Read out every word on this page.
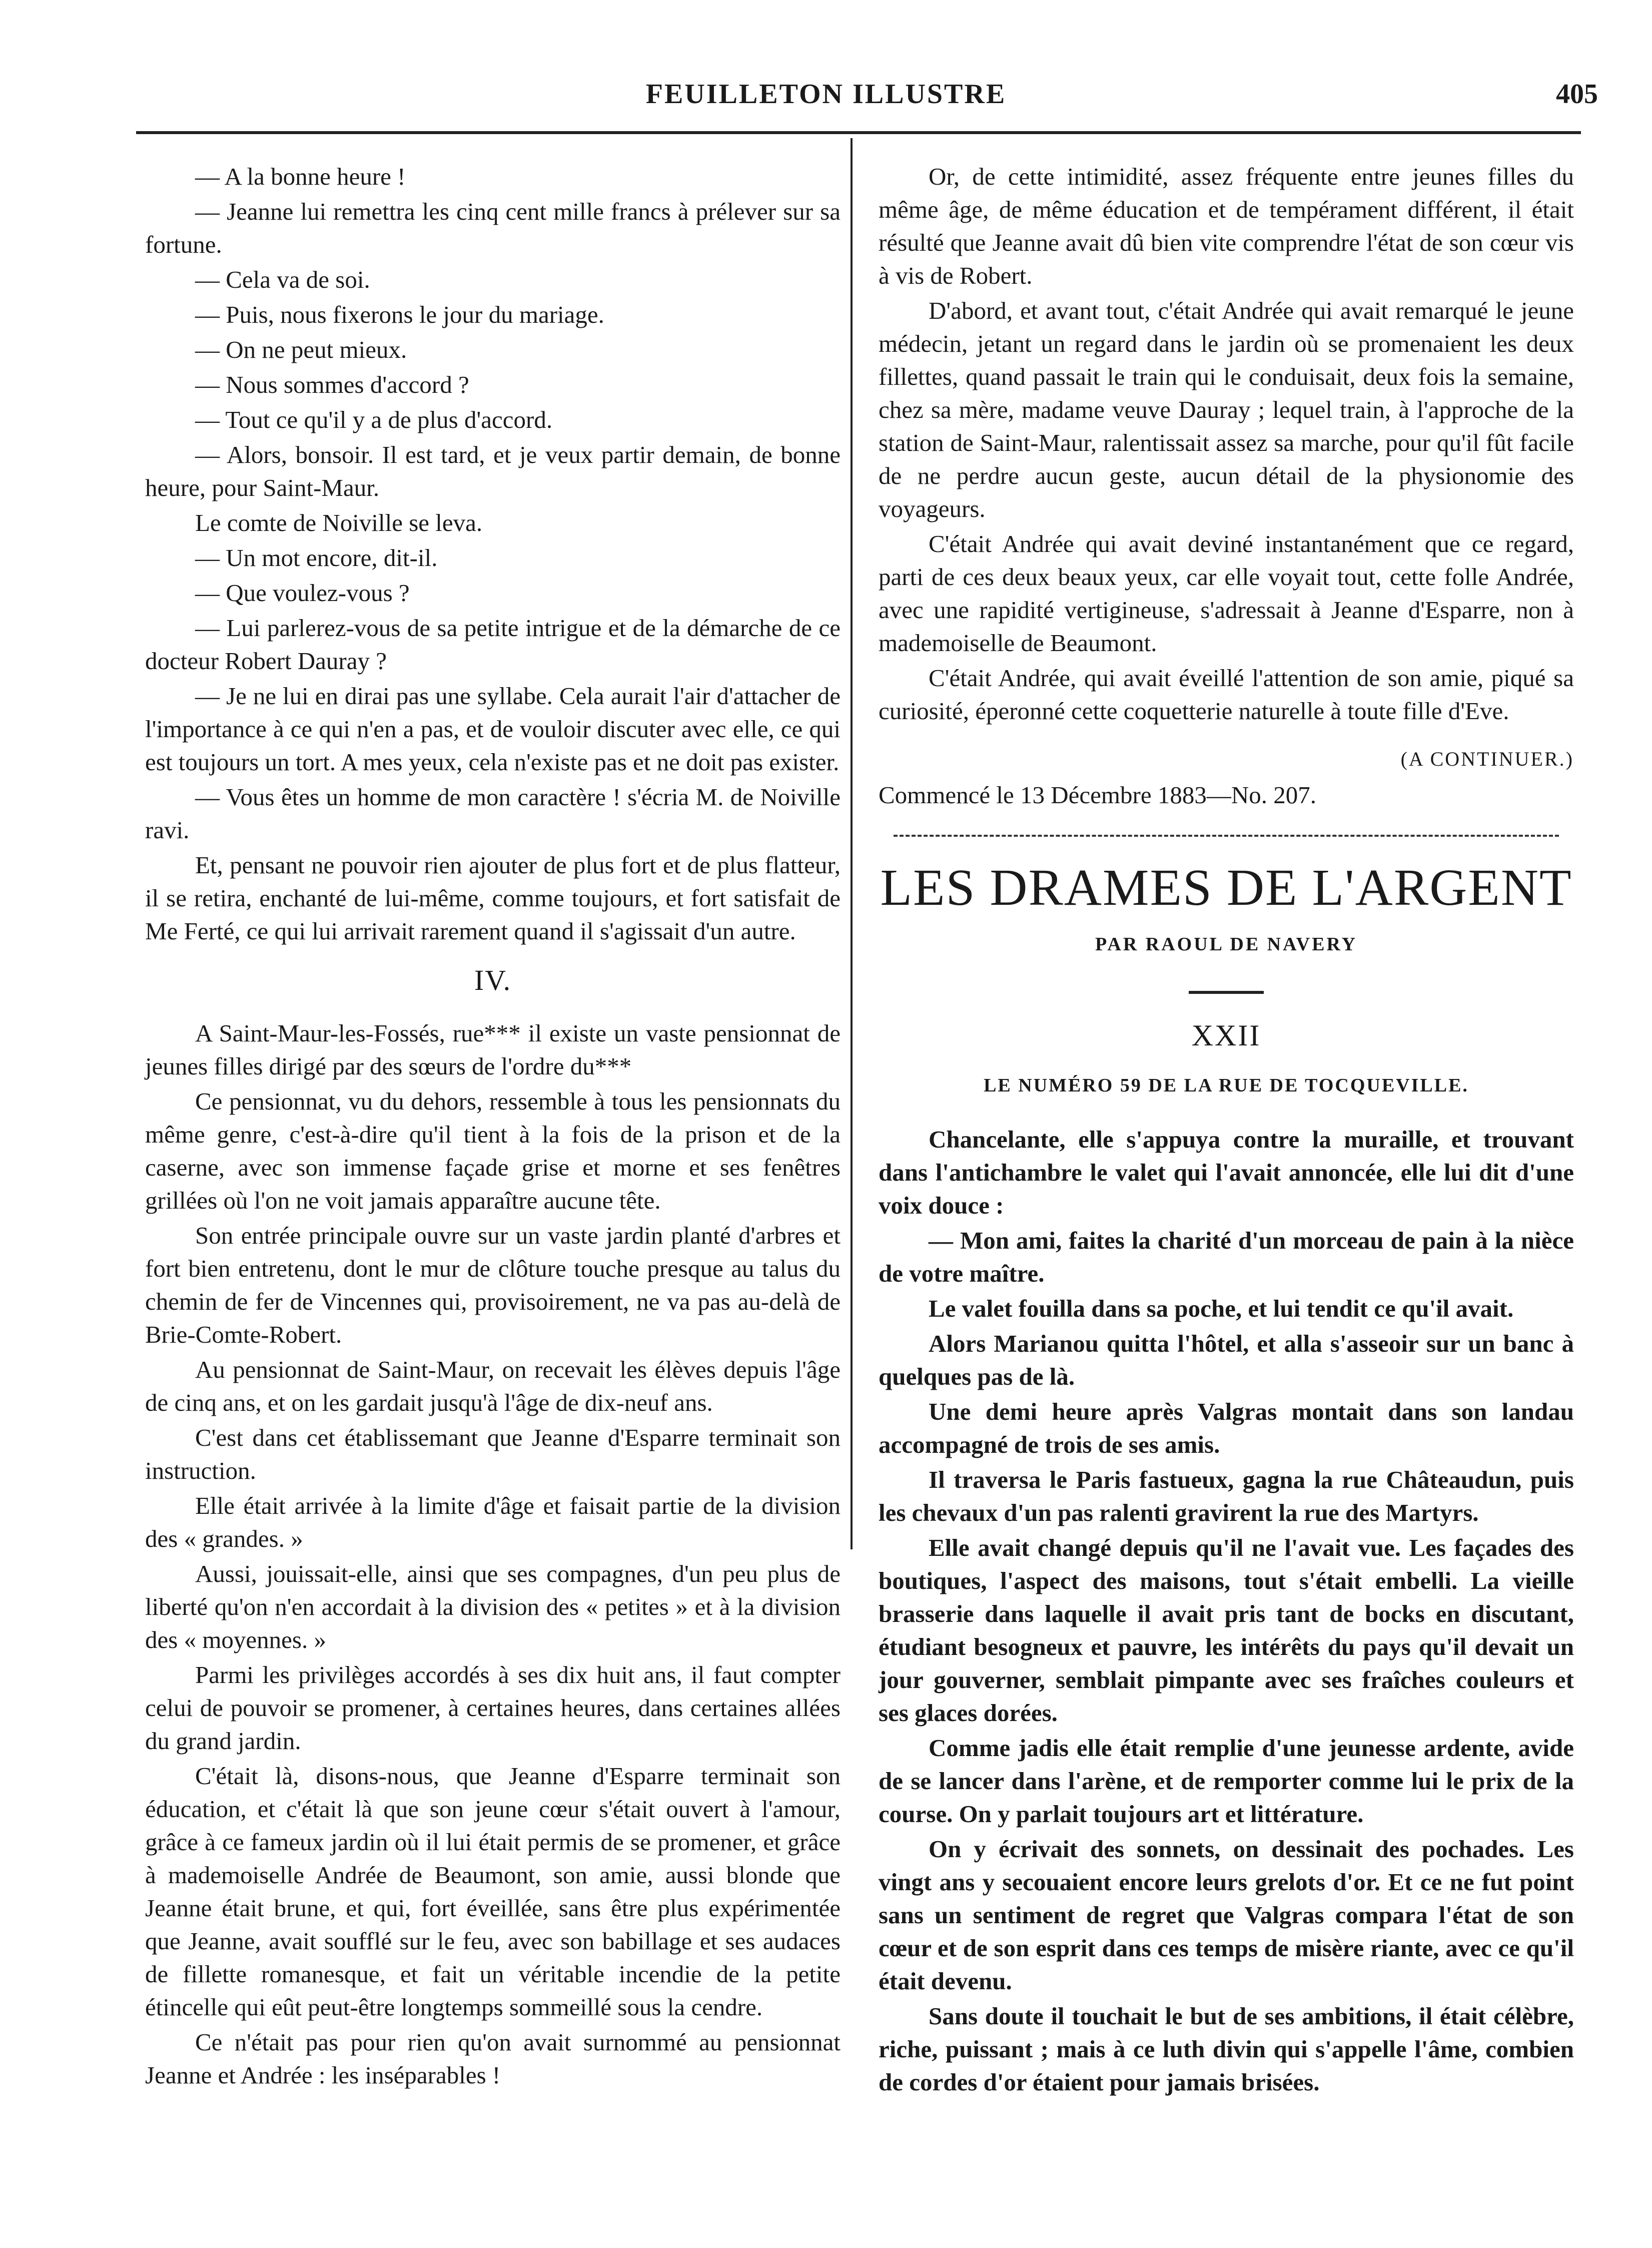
FEUILLETON ILLUSTRE	405

— A la bonne heure !

— Jeanne lui remettra les cinq cent mille francs à prélever sur sa fortune.

— Cela va de soi.

— Puis, nous fixerons le jour du mariage.

— On ne peut mieux.

— Nous sommes d'accord ?

— Tout ce qu'il y a de plus d'accord.

— Alors, bonsoir. Il est tard, et je veux partir demain, de bonne heure, pour Saint-Maur.

Le comte de Noiville se leva.

— Un mot encore, dit-il.

— Que voulez-vous ?

— Lui parlerez-vous de sa petite intrigue et de la démarche de ce docteur Robert Dauray ?

— Je ne lui en dirai pas une syllabe. Cela aurait l'air d'attacher de l'importance à ce qui n'en a pas, et de vouloir discuter avec elle, ce qui est toujours un tort. A mes yeux, cela n'existe pas et ne doit pas exister.

— Vous êtes un homme de mon caractère ! s'écria M. de Noiville ravi.

Et, pensant ne pouvoir rien ajouter de plus fort et de plus flatteur, il se retira, enchanté de lui-même, comme toujours, et fort satisfait de Me Ferté, ce qui lui arrivait rarement quand il s'agissait d'un autre.

IV.

A Saint-Maur-les-Fossés, rue*** il existe un vaste pensionnat de jeunes filles dirigé par des sœurs de l'ordre du***

Ce pensionnat, vu du dehors, ressemble à tous les pensionnats du même genre, c'est-à-dire qu'il tient à la fois de la prison et de la caserne, avec son immense façade grise et morne et ses fenêtres grillées où l'on ne voit jamais apparaître aucune tête.

Son entrée principale ouvre sur un vaste jardin planté d'arbres et fort bien entretenu, dont le mur de clôture touche presque au talus du chemin de fer de Vincennes qui, provisoirement, ne va pas au-delà de Brie-Comte-Robert.

Au pensionnat de Saint-Maur, on recevait les élèves depuis l'âge de cinq ans, et on les gardait jusqu'à l'âge de dix-neuf ans.

C'est dans cet établissemant que Jeanne d'Esparre terminait son instruction.

Elle était arrivée à la limite d'âge et faisait partie de la division des « grandes. »

Aussi, jouissait-elle, ainsi que ses compagnes, d'un peu plus de liberté qu'on n'en accordait à la division des « petites » et à la division des « moyennes. »

Parmi les privilèges accordés à ses dix huit ans, il faut compter celui de pouvoir se promener, à certaines heures, dans certaines allées du grand jardin.

C'était là, disons-nous, que Jeanne d'Esparre terminait son éducation, et c'était là que son jeune cœur s'était ouvert à l'amour, grâce à ce fameux jardin où il lui était permis de se promener, et grâce à mademoiselle Andrée de Beaumont, son amie, aussi blonde que Jeanne était brune, et qui, fort éveillée, sans être plus expérimentée que Jeanne, avait soufflé sur le feu, avec son babillage et ses audaces de fillette romanesque, et fait un véritable incendie de la petite étincelle qui eût peut-être longtemps sommeillé sous la cendre.

Ce n'était pas pour rien qu'on avait surnommé au pensionnat Jeanne et Andrée : les inséparables !

Or, de cette intimidité, assez fréquente entre jeunes filles du même âge, de même éducation et de tempérament différent, il était résulté que Jeanne avait dû bien vite comprendre l'état de son cœur vis à vis de Robert.

D'abord, et avant tout, c'était Andrée qui avait remarqué le jeune médecin, jetant un regard dans le jardin où se promenaient les deux fillettes, quand passait le train qui le conduisait, deux fois la semaine, chez sa mère, madame veuve Dauray ; lequel train, à l'approche de la station de Saint-Maur, ralentissait assez sa marche, pour qu'il fût facile de ne perdre aucun geste, aucun détail de la physionomie des voyageurs.

C'était Andrée qui avait deviné instantanément que ce regard, parti de ces deux beaux yeux, car elle voyait tout, cette folle Andrée, avec une rapidité vertigineuse, s'adressait à Jeanne d'Esparre, non à mademoiselle de Beaumont.

C'était Andrée, qui avait éveillé l'attention de son amie, piqué sa curiosité, éperonné cette coquetterie naturelle à toute fille d'Eve.

(A CONTINUER.)

Commencé le 13 Décembre 1883—No. 207.

LES DRAMES DE L'ARGENT
PAR RAOUL DE NAVERY
XXII
LE NUMÉRO 59 DE LA RUE DE TOCQUEVILLE.

Chancelante, elle s'appuya contre la muraille, et trouvant dans l'antichambre le valet qui l'avait annoncée, elle lui dit d'une voix douce :

— Mon ami, faites la charité d'un morceau de pain à la nièce de votre maître.

Le valet fouilla dans sa poche, et lui tendit ce qu'il avait.

Alors Marianou quitta l'hôtel, et alla s'asseoir sur un banc à quelques pas de là.

Une demi heure après Valgras montait dans son landau accompagné de trois de ses amis.

Il traversa le Paris fastueux, gagna la rue Châteaudun, puis les chevaux d'un pas ralenti gravirent la rue des Martyrs.

Elle avait changé depuis qu'il ne l'avait vue. Les façades des boutiques, l'aspect des maisons, tout s'était embelli. La vieille brasserie dans laquelle il avait pris tant de bocks en discutant, étudiant besogneux et pauvre, les intérêts du pays qu'il devait un jour gouverner, semblait pimpante avec ses fraîches couleurs et ses glaces dorées.

Comme jadis elle était remplie d'une jeunesse ardente, avide de se lancer dans l'arène, et de remporter comme lui le prix de la course. On y parlait toujours art et littérature.

On y écrivait des sonnets, on dessinait des pochades. Les vingt ans y secouaient encore leurs grelots d'or. Et ce ne fut point sans un sentiment de regret que Valgras compara l'état de son cœur et de son esprit dans ces temps de misère riante, avec ce qu'il était devenu.

Sans doute il touchait le but de ses ambitions, il était célèbre, riche, puissant ; mais à ce luth divin qui s'appelle l'âme, combien de cordes d'or étaient pour jamais brisées.
